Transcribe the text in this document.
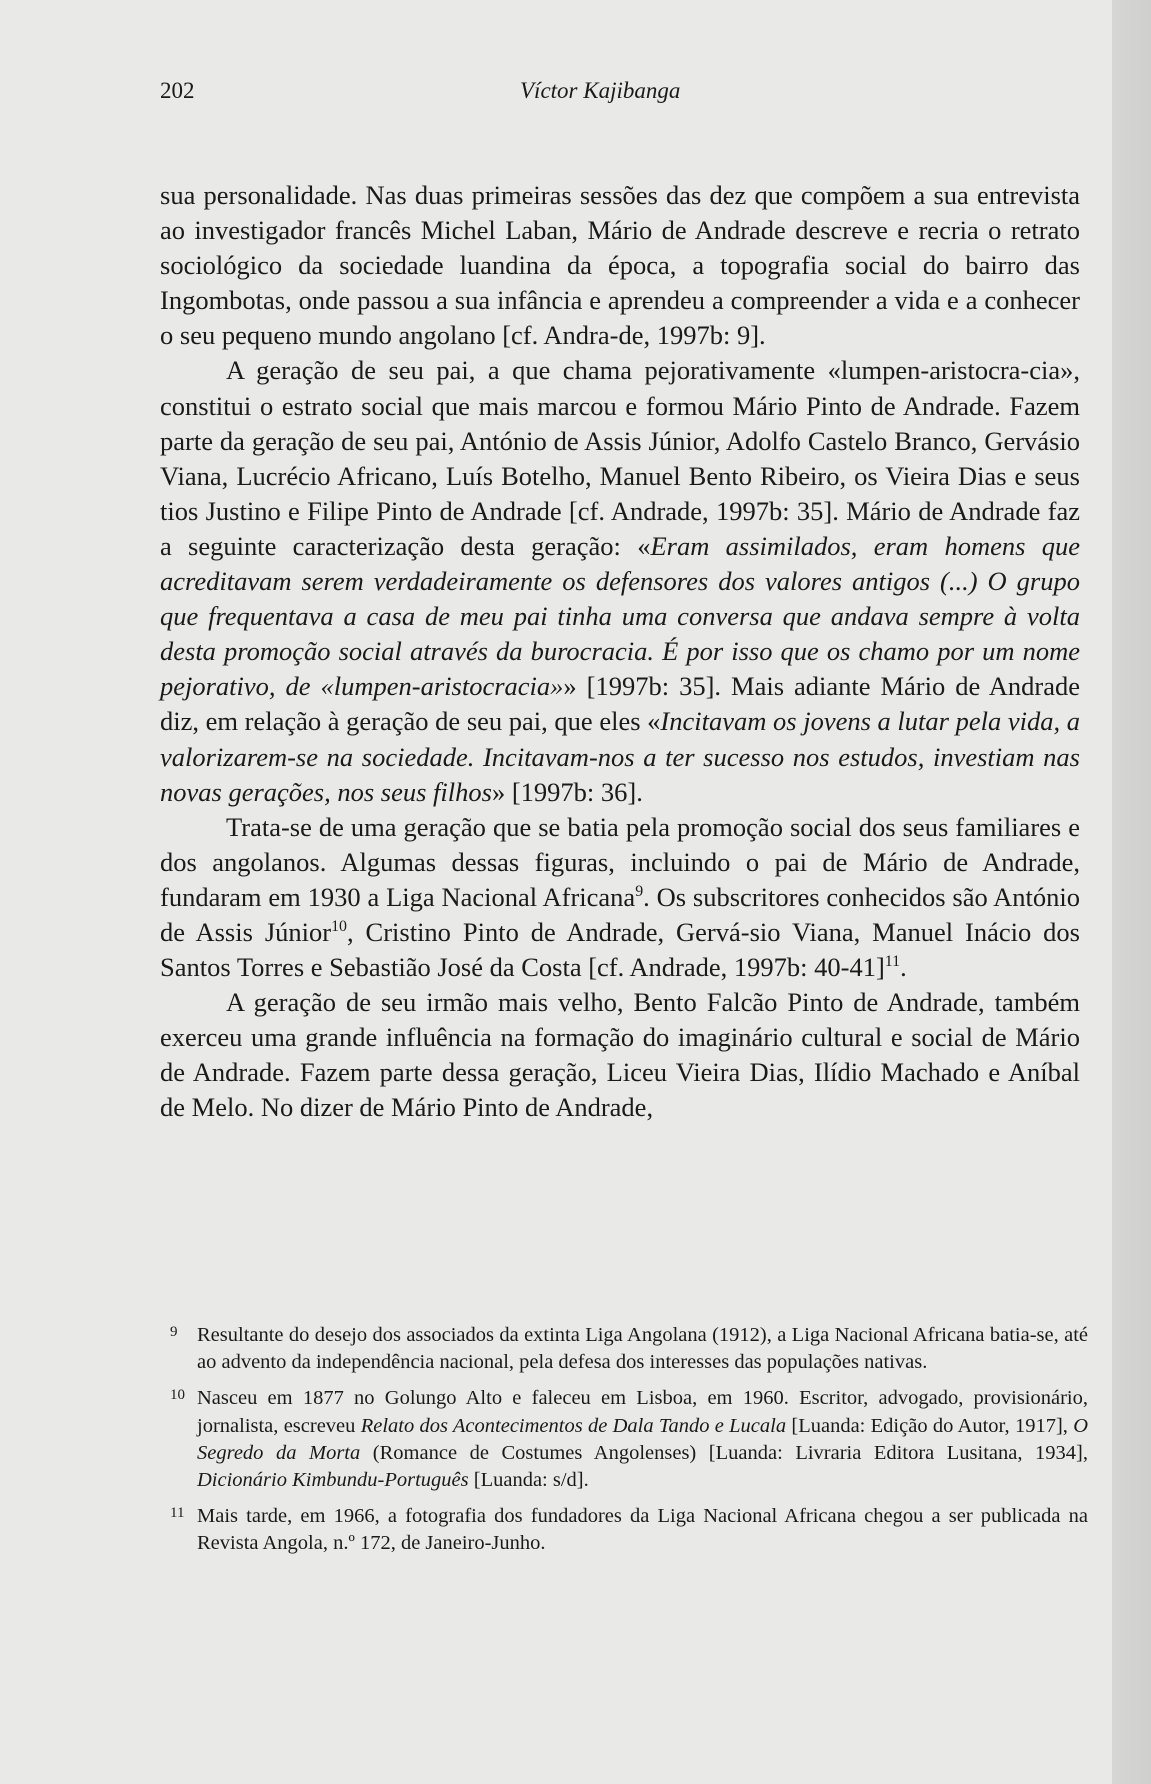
202	Víctor Kajibanga

sua personalidade. Nas duas primeiras sessões das dez que compõem a sua entrevista ao investigador francês Michel Laban, Mário de Andrade descreve e recria o retrato sociológico da sociedade luandina da época, a topografia social do bairro das Ingombotas, onde passou a sua infância e aprendeu a compreender a vida e a conhecer o seu pequeno mundo angolano [cf. Andra-de, 1997b: 9].

A geração de seu pai, a que chama pejorativamente «lumpen-aristocra-cia», constitui o estrato social que mais marcou e formou Mário Pinto de Andrade. Fazem parte da geração de seu pai, António de Assis Júnior, Adolfo Castelo Branco, Gervásio Viana, Lucrécio Africano, Luís Botelho, Manuel Bento Ribeiro, os Vieira Dias e seus tios Justino e Filipe Pinto de Andrade [cf. Andrade, 1997b: 35]. Mário de Andrade faz a seguinte caracterização desta geração: «Eram assimilados, eram homens que acreditavam serem verdadeiramente os defensores dos valores antigos (...) O grupo que frequentava a casa de meu pai tinha uma conversa que andava sempre à volta desta promoção social através da burocracia. É por isso que os chamo por um nome pejorativo, de «lumpen-aristocracia»» [1997b: 35]. Mais adiante Mário de Andrade diz, em relação à geração de seu pai, que eles «Incitavam os jovens a lutar pela vida, a valorizarem-se na sociedade. Incitavam-nos a ter sucesso nos estudos, investiam nas novas gerações, nos seus filhos» [1997b: 36].

Trata-se de uma geração que se batia pela promoção social dos seus familiares e dos angolanos. Algumas dessas figuras, incluindo o pai de Mário de Andrade, fundaram em 1930 a Liga Nacional Africana$^9$. Os subscritores conhecidos são António de Assis Júnior$^{10}$, Cristino Pinto de Andrade, Gervá-sio Viana, Manuel Inácio dos Santos Torres e Sebastião José da Costa [cf. Andrade, 1997b: 40-41]$^{11}$.

A geração de seu irmão mais velho, Bento Falcão Pinto de Andrade, também exerceu uma grande influência na formação do imaginário cultural e social de Mário de Andrade. Fazem parte dessa geração, Liceu Vieira Dias, Ilídio Machado e Aníbal de Melo. No dizer de Mário Pinto de Andrade,

9 Resultante do desejo dos associados da extinta Liga Angolana (1912), a Liga Nacional Africana batia-se, até ao advento da independência nacional, pela defesa dos interesses das populações nativas.

10 Nasceu em 1877 no Golungo Alto e faleceu em Lisboa, em 1960. Escritor, advogado, provisionário, jornalista, escreveu Relato dos Acontecimentos de Dala Tando e Lucala [Luanda: Edição do Autor, 1917], O Segredo da Morta (Romance de Costumes Angolenses) [Luanda: Livraria Editora Lusitana, 1934], Dicionário Kimbundu-Português [Luanda: s/d].

11 Mais tarde, em 1966, a fotografia dos fundadores da Liga Nacional Africana chegou a ser publicada na Revista Angola, n.º 172, de Janeiro-Junho.
